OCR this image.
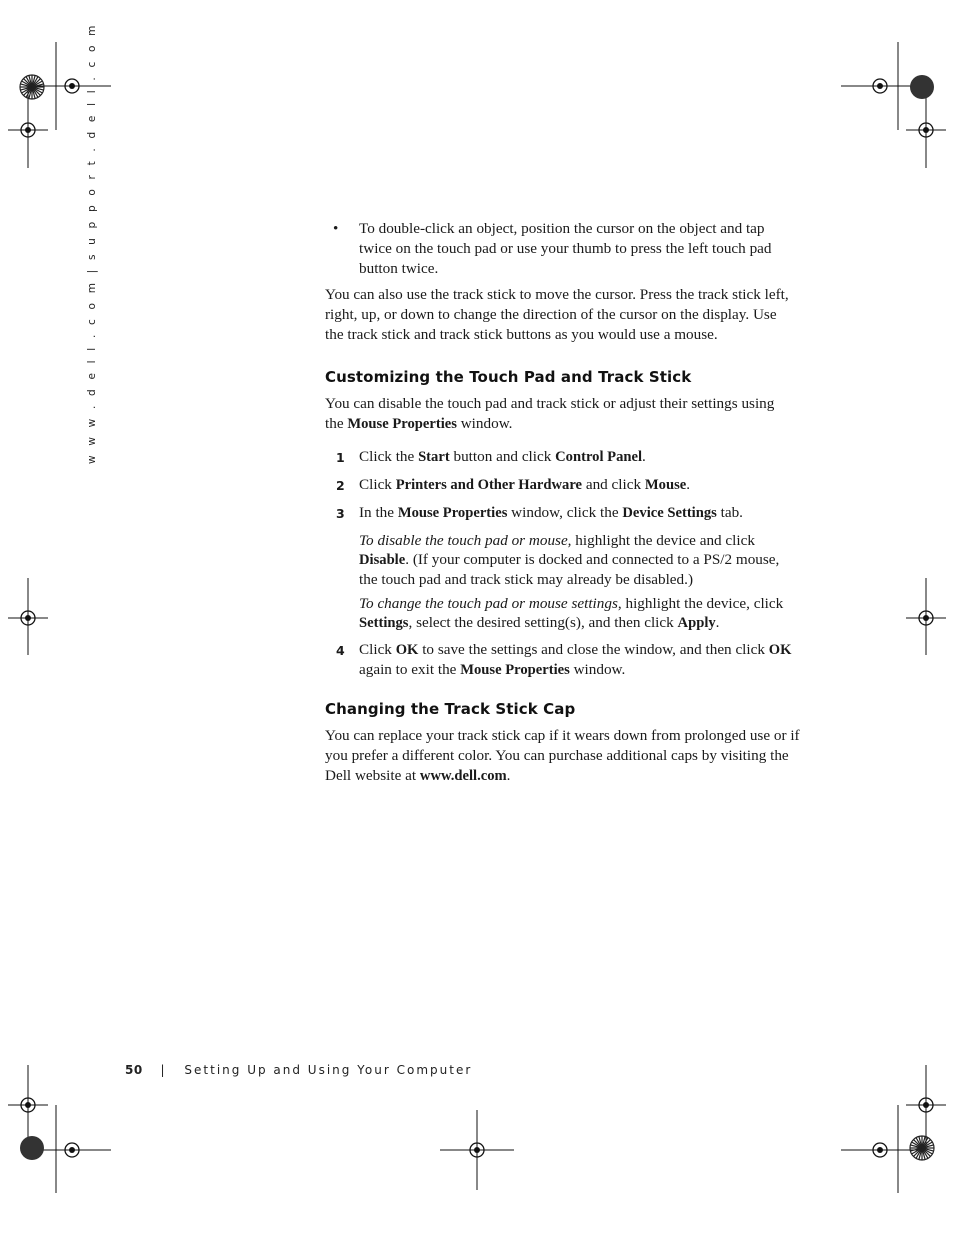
w w w . d e l l . c o m | s u p p o r t . d e l l . c o m	• To double-click an object, position the cursor on the object and tap
twice on the touch pad or use your thumb to press the left touch pad
button twice.
You can also use the track stick to move the cursor. Press the track stick left,
right, up, or down to change the direction of the cursor on the display. Use
the track stick and track stick buttons as you would use a mouse.
Customizing the Touch Pad and Track Stick
You can disable the touch pad and track stick or adjust their settings using
the Mouse Properties window.
1 Click the Start button and click Control Panel.
2 Click Printers and Other Hardware and click Mouse.
3 In the Mouse Properties window, click the Device Settings tab.
To disable the touch pad or mouse, highlight the device and click
Disable. (If your computer is docked and connected to a PS/2 mouse,
the touch pad and track stick may already be disabled.)
To change the touch pad or mouse settings, highlight the device, click
Settings, select the desired setting(s), and then click Apply.
4 Click OK to save the settings and close the window, and then click OK
again to exit the Mouse Properties window.
Changing the Track Stick Cap
You can replace your track stick cap if it wears down from prolonged use or if
you prefer a different color. You can purchase additional caps by visiting the
Dell website at www.dell.com.
50 | Setting Up and Using Your Computer
